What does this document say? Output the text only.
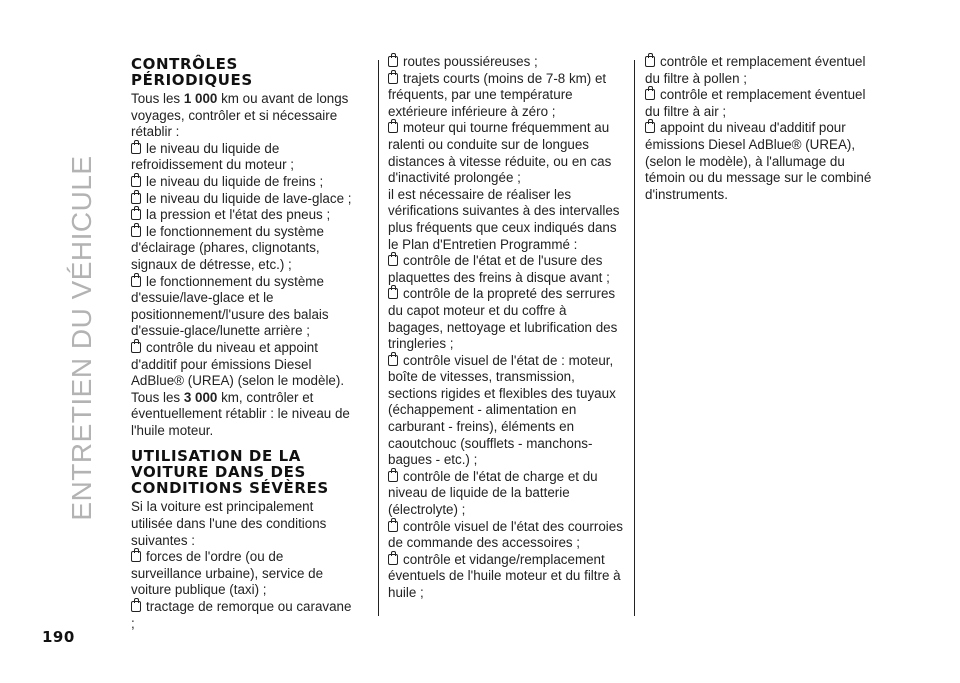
ENTRETIEN DU VÉHICULE
190
CONTRÔLES
PÉRIODIQUES

Tous les 1 000 km ou avant de longs voyages, contrôler et si nécessaire rétablir :

le niveau du liquide de refroidissement du moteur ;

le niveau du liquide de freins ;

le niveau du liquide de lave-glace ;

la pression et l'état des pneus ;

le fonctionnement du système d'éclairage (phares, clignotants, signaux de détresse, etc.) ;

le fonctionnement du système d'essuie/lave-glace et le positionnement/l'usure des balais d'essuie-glace/lunette arrière ;

contrôle du niveau et appoint d'additif pour émissions Diesel AdBlue® (UREA) (selon le modèle).

Tous les 3 000 km, contrôler et éventuellement rétablir : le niveau de l'huile moteur.

UTILISATION DE LA
VOITURE DANS DES
CONDITIONS SÉVÈRES

Si la voiture est principalement utilisée dans l'une des conditions suivantes :

forces de l'ordre (ou de surveillance urbaine), service de voiture publique (taxi) ;

tractage de remorque ou caravane ;

routes poussiéreuses ;

trajets courts (moins de 7-8 km) et fréquents, par une température extérieure inférieure à zéro ;

moteur qui tourne fréquemment au ralenti ou conduite sur de longues distances à vitesse réduite, ou en cas d'inactivité prolongée ;

il est nécessaire de réaliser les vérifications suivantes à des intervalles plus fréquents que ceux indiqués dans le Plan d'Entretien Programmé :

contrôle de l'état et de l'usure des plaquettes des freins à disque avant ;

contrôle de la propreté des serrures du capot moteur et du coffre à bagages, nettoyage et lubrification des tringleries ;

contrôle visuel de l'état de : moteur, boîte de vitesses, transmission, sections rigides et flexibles des tuyaux (échappement - alimentation en carburant - freins), éléments en caoutchouc (soufflets - manchons-bagues - etc.) ;

contrôle de l'état de charge et du niveau de liquide de la batterie (électrolyte) ;

contrôle visuel de l'état des courroies de commande des accessoires ;

contrôle et vidange/remplacement éventuels de l'huile moteur et du filtre à huile ;

contrôle et remplacement éventuel du filtre à pollen ;

contrôle et remplacement éventuel du filtre à air ;

appoint du niveau d'additif pour émissions Diesel AdBlue® (UREA), (selon le modèle), à l'allumage du témoin ou du message sur le combiné d'instruments.
